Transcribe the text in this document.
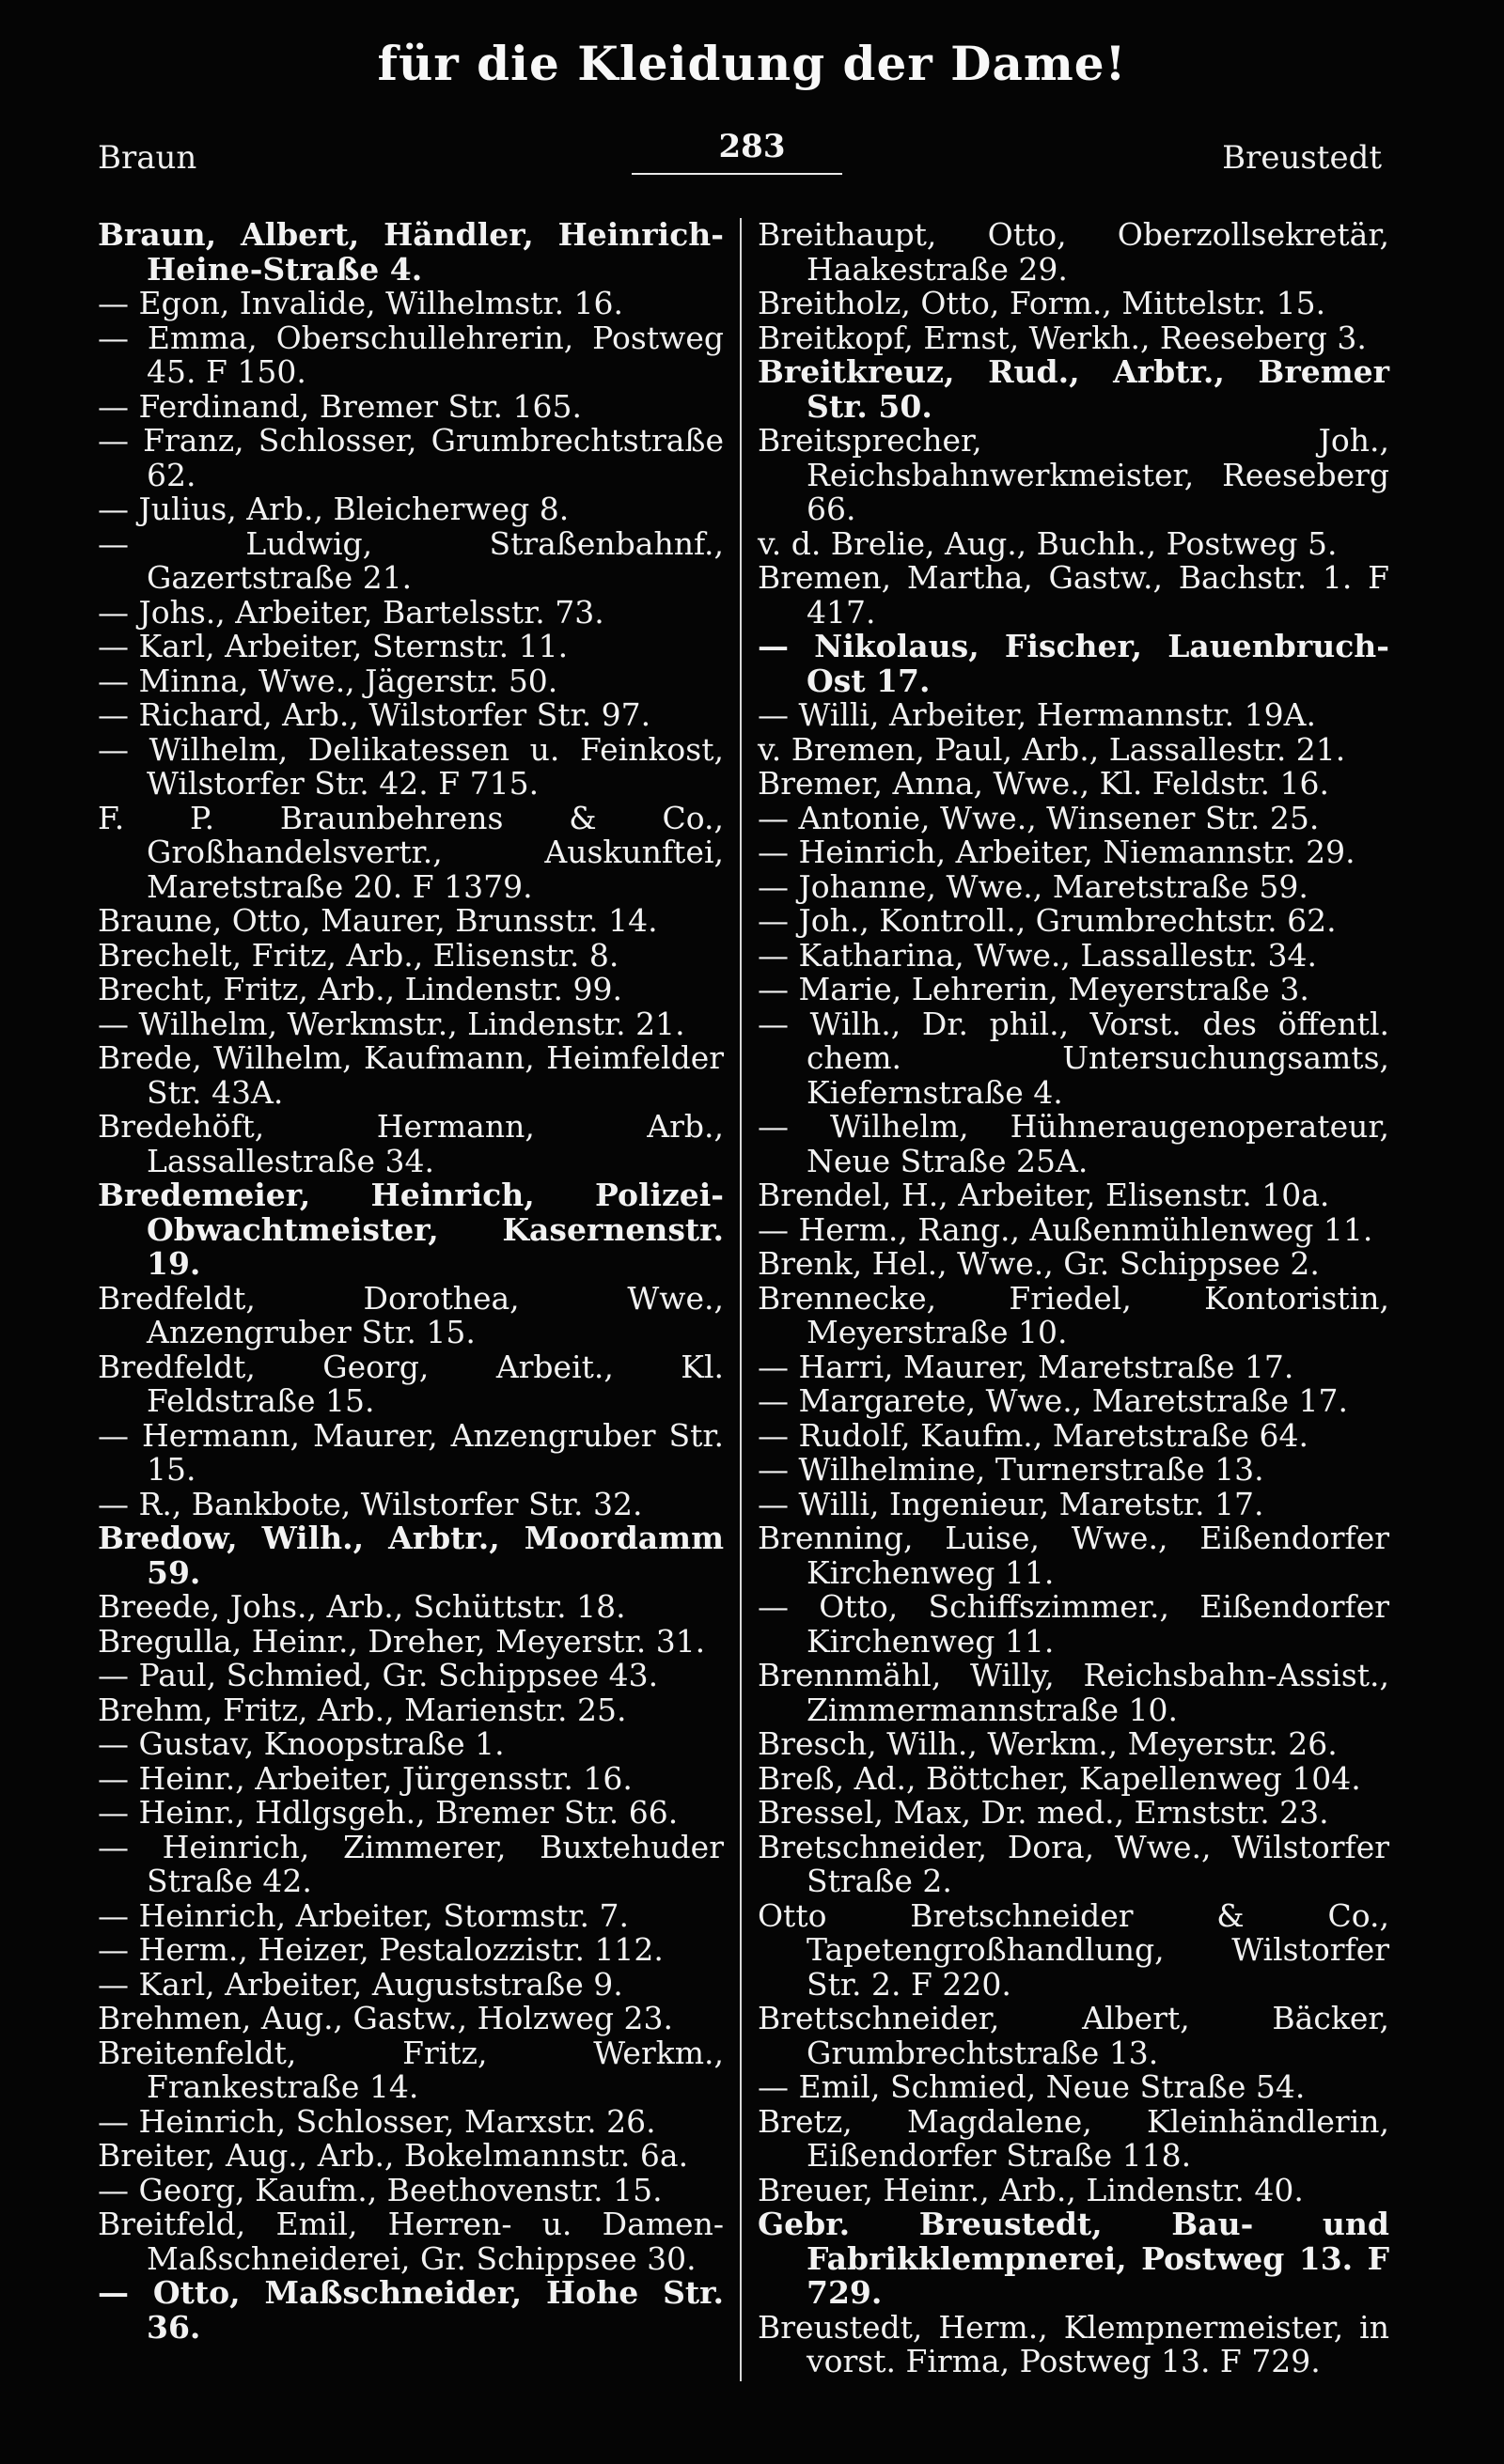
für die Kleidung der Dame!
Braun	283	Breustedt

Braun, Albert, Händler, Heinrich-Heine-Straße 4.

— Egon, Invalide, Wilhelmstr. 16.

— Emma, Oberschullehrerin, Postweg 45. F 150.

— Ferdinand, Bremer Str. 165.

— Franz, Schlosser, Grumbrechtstraße 62.

— Julius, Arb., Bleicherweg 8.

— Ludwig, Straßenbahnf., Gazertstraße 21.

— Johs., Arbeiter, Bartelsstr. 73.

— Karl, Arbeiter, Sternstr. 11.

— Minna, Wwe., Jägerstr. 50.

— Richard, Arb., Wilstorfer Str. 97.

— Wilhelm, Delikatessen u. Feinkost, Wilstorfer Str. 42. F 715.

F. P. Braunbehrens & Co., Großhandelsvertr., Auskunftei, Maretstraße 20. F 1379.

Braune, Otto, Maurer, Brunsstr. 14.

Brechelt, Fritz, Arb., Elisenstr. 8.

Brecht, Fritz, Arb., Lindenstr. 99.

— Wilhelm, Werkmstr., Lindenstr. 21.

Brede, Wilhelm, Kaufmann, Heimfelder Str. 43A.

Bredehöft, Hermann, Arb., Lassallestraße 34.

Bredemeier, Heinrich, Polizei-Obwachtmeister, Kasernenstr. 19.

Bredfeldt, Dorothea, Wwe., Anzengruber Str. 15.

Bredfeldt, Georg, Arbeit., Kl. Feldstraße 15.

— Hermann, Maurer, Anzengruber Str. 15.

— R., Bankbote, Wilstorfer Str. 32.

Bredow, Wilh., Arbtr., Moordamm 59.

Breede, Johs., Arb., Schüttstr. 18.

Bregulla, Heinr., Dreher, Meyerstr. 31.

— Paul, Schmied, Gr. Schippsee 43.

Brehm, Fritz, Arb., Marienstr. 25.

— Gustav, Knoopstraße 1.

— Heinr., Arbeiter, Jürgensstr. 16.

— Heinr., Hdlgsgeh., Bremer Str. 66.

— Heinrich, Zimmerer, Buxtehuder Straße 42.

— Heinrich, Arbeiter, Stormstr. 7.

— Herm., Heizer, Pestalozzistr. 112.

— Karl, Arbeiter, Auguststraße 9.

Brehmen, Aug., Gastw., Holzweg 23.

Breitenfeldt, Fritz, Werkm., Frankestraße 14.

— Heinrich, Schlosser, Marxstr. 26.

Breiter, Aug., Arb., Bokelmannstr. 6a.

— Georg, Kaufm., Beethovenstr. 15.

Breitfeld, Emil, Herren- u. Damen-Maßschneiderei, Gr. Schippsee 30.

— Otto, Maßschneider, Hohe Str. 36.

Breithaupt, Otto, Oberzollsekretär, Haakestraße 29.

Breitholz, Otto, Form., Mittelstr. 15.

Breitkopf, Ernst, Werkh., Reeseberg 3.

Breitkreuz, Rud., Arbtr., Bremer Str. 50.

Breitsprecher, Joh., Reichsbahnwerkmeister, Reeseberg 66.

v. d. Brelie, Aug., Buchh., Postweg 5.

Bremen, Martha, Gastw., Bachstr. 1. F 417.

— Nikolaus, Fischer, Lauenbruch-Ost 17.

— Willi, Arbeiter, Hermannstr. 19A.

v. Bremen, Paul, Arb., Lassallestr. 21.

Bremer, Anna, Wwe., Kl. Feldstr. 16.

— Antonie, Wwe., Winsener Str. 25.

— Heinrich, Arbeiter, Niemannstr. 29.

— Johanne, Wwe., Maretstraße 59.

— Joh., Kontroll., Grumbrechtstr. 62.

— Katharina, Wwe., Lassallestr. 34.

— Marie, Lehrerin, Meyerstraße 3.

— Wilh., Dr. phil., Vorst. des öffentl. chem. Untersuchungsamts, Kiefernstraße 4.

— Wilhelm, Hühneraugenoperateur, Neue Straße 25A.

Brendel, H., Arbeiter, Elisenstr. 10a.

— Herm., Rang., Außenmühlenweg 11.

Brenk, Hel., Wwe., Gr. Schippsee 2.

Brennecke, Friedel, Kontoristin, Meyerstraße 10.

— Harri, Maurer, Maretstraße 17.

— Margarete, Wwe., Maretstraße 17.

— Rudolf, Kaufm., Maretstraße 64.

— Wilhelmine, Turnerstraße 13.

— Willi, Ingenieur, Maretstr. 17.

Brenning, Luise, Wwe., Eißendorfer Kirchenweg 11.

— Otto, Schiffszimmer., Eißendorfer Kirchenweg 11.

Brennmähl, Willy, Reichsbahn-Assist., Zimmermannstraße 10.

Bresch, Wilh., Werkm., Meyerstr. 26.

Breß, Ad., Böttcher, Kapellenweg 104.

Bressel, Max, Dr. med., Ernststr. 23.

Bretschneider, Dora, Wwe., Wilstorfer Straße 2.

Otto Bretschneider & Co., Tapetengroßhandlung, Wilstorfer Str. 2. F 220.

Brettschneider, Albert, Bäcker, Grumbrechtstraße 13.

— Emil, Schmied, Neue Straße 54.

Bretz, Magdalene, Kleinhändlerin, Eißendorfer Straße 118.

Breuer, Heinr., Arb., Lindenstr. 40.

Gebr. Breustedt, Bau- und Fabrikklempnerei, Postweg 13. F 729.

Breustedt, Herm., Klempnermeister, in vorst. Firma, Postweg 13. F 729.
